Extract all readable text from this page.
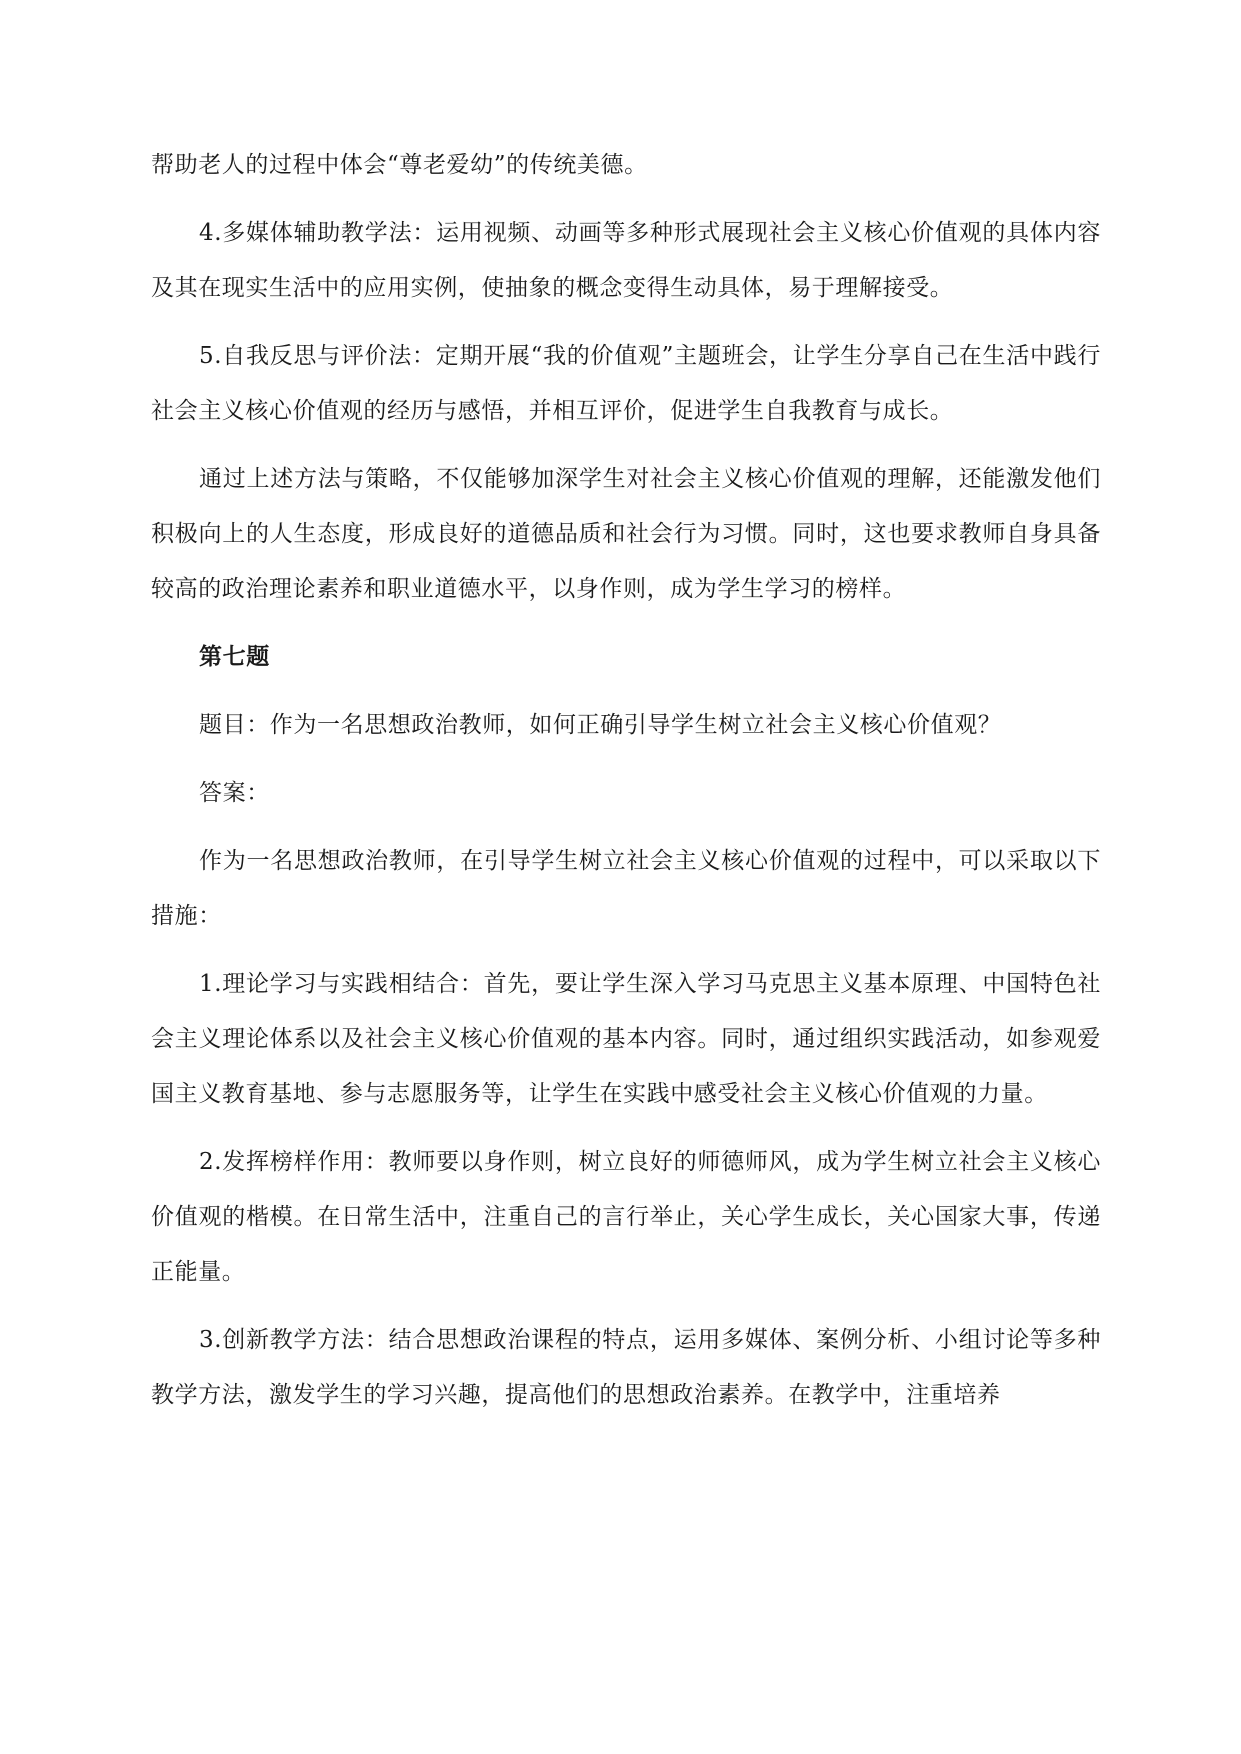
帮助老人的过程中体会“尊老爱幼”的传统美德。

4.多媒体辅助教学法：运用视频、动画等多种形式展现社会主义核心价值观的具体内容及其在现实生活中的应用实例，使抽象的概念变得生动具体，易于理解接受。

5.自我反思与评价法：定期开展“我的价值观”主题班会，让学生分享自己在生活中践行社会主义核心价值观的经历与感悟，并相互评价，促进学生自我教育与成长。

通过上述方法与策略，不仅能够加深学生对社会主义核心价值观的理解，还能激发他们积极向上的人生态度，形成良好的道德品质和社会行为习惯。同时，这也要求教师自身具备较高的政治理论素养和职业道德水平，以身作则，成为学生学习的榜样。

第七题

题目：作为一名思想政治教师，如何正确引导学生树立社会主义核心价值观？

答案：

作为一名思想政治教师，在引导学生树立社会主义核心价值观的过程中，可以采取以下措施：

1.理论学习与实践相结合：首先，要让学生深入学习马克思主义基本原理、中国特色社会主义理论体系以及社会主义核心价值观的基本内容。同时，通过组织实践活动，如参观爱国主义教育基地、参与志愿服务等，让学生在实践中感受社会主义核心价值观的力量。

2.发挥榜样作用：教师要以身作则，树立良好的师德师风，成为学生树立社会主义核心价值观的楷模。在日常生活中，注重自己的言行举止，关心学生成长，关心国家大事，传递正能量。

3.创新教学方法：结合思想政治课程的特点，运用多媒体、案例分析、小组讨论等多种教学方法，激发学生的学习兴趣，提高他们的思想政治素养。在教学中，注重培养
